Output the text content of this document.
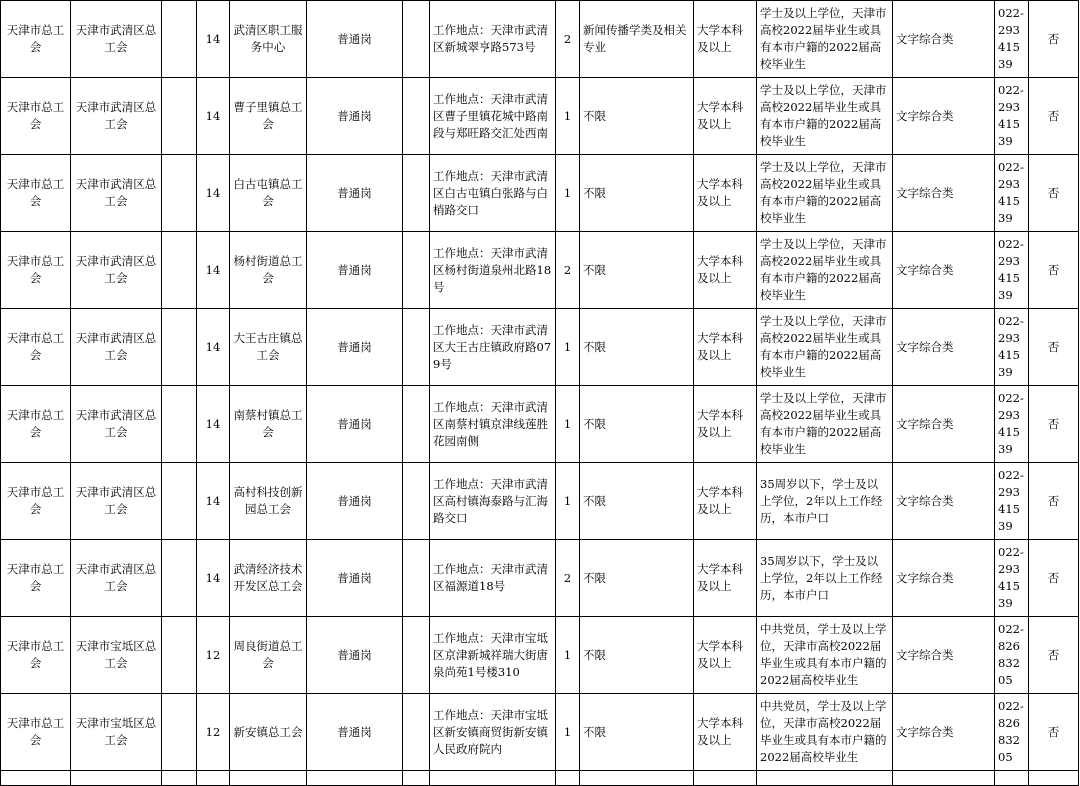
天津市总工会	天津市武清区总工会		14	武清区职工服务中心	普通岗		工作地点：天津市武清区新城翠亨路573号	2	新闻传播学类及相关专业	大学本科及以上	学士及以上学位，天津市高校2022届毕业生或具有本市户籍的2022届高校毕业生	文字综合类	022-29341539	否
天津市总工会	天津市武清区总工会		14	曹子里镇总工会	普通岗		工作地点：天津市武清区曹子里镇花城中路南段与郑旺路交汇处西南	1	不限	大学本科及以上	学士及以上学位，天津市高校2022届毕业生或具有本市户籍的2022届高校毕业生	文字综合类	022-29341539	否
天津市总工会	天津市武清区总工会		14	白古屯镇总工会	普通岗		工作地点：天津市武清区白古屯镇白张路与白梢路交口	1	不限	大学本科及以上	学士及以上学位，天津市高校2022届毕业生或具有本市户籍的2022届高校毕业生	文字综合类	022-29341539	否
天津市总工会	天津市武清区总工会		14	杨村街道总工会	普通岗		工作地点：天津市武清区杨村街道泉州北路18号	2	不限	大学本科及以上	学士及以上学位，天津市高校2022届毕业生或具有本市户籍的2022届高校毕业生	文字综合类	022-29341539	否
天津市总工会	天津市武清区总工会		14	大王古庄镇总工会	普通岗		工作地点：天津市武清区大王古庄镇政府路079号	1	不限	大学本科及以上	学士及以上学位，天津市高校2022届毕业生或具有本市户籍的2022届高校毕业生	文字综合类	022-29341539	否
天津市总工会	天津市武清区总工会		14	南蔡村镇总工会	普通岗		工作地点：天津市武清区南蔡村镇京津线莲胜花园南侧	1	不限	大学本科及以上	学士及以上学位，天津市高校2022届毕业生或具有本市户籍的2022届高校毕业生	文字综合类	022-29341539	否
天津市总工会	天津市武清区总工会		14	高村科技创新园总工会	普通岗		工作地点：天津市武清区高村镇海泰路与汇海路交口	1	不限	大学本科及以上	35周岁以下，学士及以上学位，2年以上工作经历，本市户口	文字综合类	022-29341539	否
天津市总工会	天津市武清区总工会		14	武清经济技术开发区总工会	普通岗		工作地点：天津市武清区福源道18号	2	不限	大学本科及以上	35周岁以下，学士及以上学位，2年以上工作经历，本市户口	文字综合类	022-29341539	否
天津市总工会	天津市宝坻区总工会		12	周良街道总工会	普通岗		工作地点：天津市宝坻区京津新城祥瑞大街唐泉尚苑1号楼310	1	不限	大学本科及以上	中共党员，学士及以上学位，天津市高校2022届毕业生或具有本市户籍的2022届高校毕业生	文字综合类	022-82683205	否
天津市总工会	天津市宝坻区总工会		12	新安镇总工会	普通岗		工作地点：天津市宝坻区新安镇商贸街新安镇人民政府院内	1	不限	大学本科及以上	中共党员，学士及以上学位，天津市高校2022届毕业生或具有本市户籍的2022届高校毕业生	文字综合类	022-82683205	否
